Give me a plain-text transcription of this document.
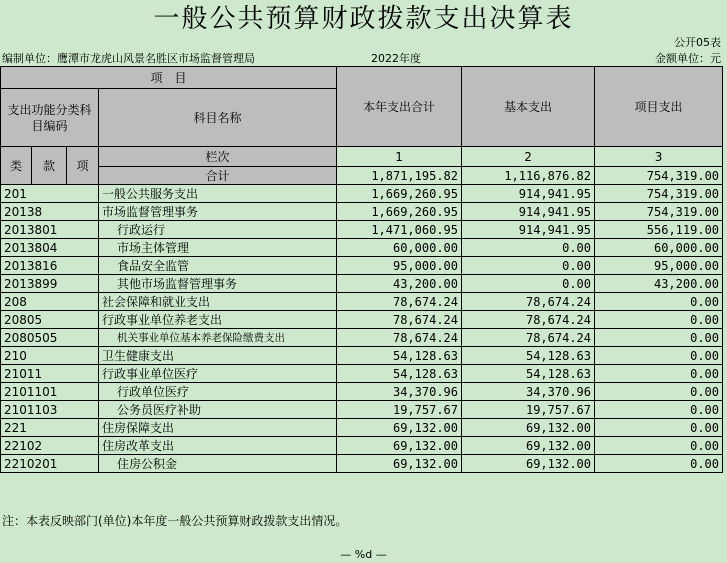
一般公共预算财政拨款支出决算表
公开05表
编制单位：鹰潭市龙虎山风景名胜区市场监督管理局	2022年度	金额单位：元
项　目				本年支出合计	基本支出	项目支出
支出功能分类科目编码			科目名称			

类	款	项	栏次	1	2	3
			合计	1,871,195.82	1,116,876.82	754,319.00
201			一般公共服务支出	1,669,260.95	914,941.95	754,319.00
20138			市场监督管理事务	1,669,260.95	914,941.95	754,319.00
2013801			行政运行	1,471,060.95	914,941.95	556,119.00
2013804			市场主体管理	60,000.00	0.00	60,000.00
2013816			食品安全监管	95,000.00	0.00	95,000.00
2013899			其他市场监督管理事务	43,200.00	0.00	43,200.00
208			社会保障和就业支出	78,674.24	78,674.24	0.00
20805			行政事业单位养老支出	78,674.24	78,674.24	0.00
2080505			机关事业单位基本养老保险缴费支出	78,674.24	78,674.24	0.00
210			卫生健康支出	54,128.63	54,128.63	0.00
21011			行政事业单位医疗	54,128.63	54,128.63	0.00
2101101			行政单位医疗	34,370.96	34,370.96	0.00
2101103			公务员医疗补助	19,757.67	19,757.67	0.00
221			住房保障支出	69,132.00	69,132.00	0.00
22102			住房改革支出	69,132.00	69,132.00	0.00
2210201			住房公积金	69,132.00	69,132.00	0.00
注：本表反映部门(单位)本年度一般公共预算财政拨款支出情况。
— %d —
